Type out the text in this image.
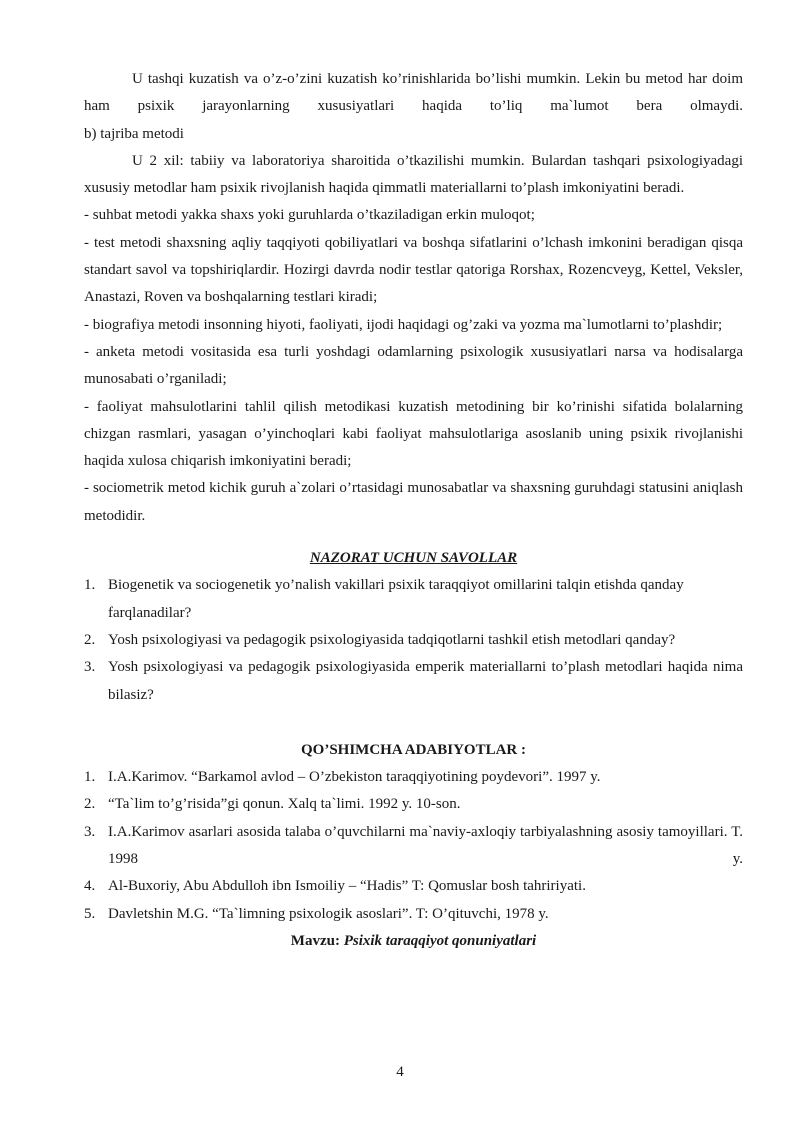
U tashqi kuzatish va o’z-o’zini kuzatish ko’rinishlarida bo’lishi mumkin. Lekin bu metod har doim ham psixik jarayonlarning xususiyatlari haqida to’liq ma`lumot bera olmaydi.

b) tajriba metodi

U 2 xil: tabiiy va laboratoriya sharoitida o’tkazilishi mumkin. Bulardan tashqari psixologiyadagi xususiy metodlar ham psixik rivojlanish haqida qimmatli materiallarni to’plash imkoniyatini beradi.

- suhbat metodi yakka shaxs yoki guruhlarda o’tkaziladigan erkin muloqot;

- test metodi shaxsning aqliy taqqiyoti qobiliyatlari va boshqa sifatlarini o’lchash imkonini beradigan qisqa standart savol va topshiriqlardir. Hozirgi davrda nodir testlar qatoriga Rorshax, Rozencveyg, Kettel, Veksler, Anastazi, Roven va boshqalarning testlari kiradi;

- biografiya metodi insonning hiyoti, faoliyati, ijodi haqidagi og’zaki va yozma ma`lumotlarni to’plashdir;

- anketa metodi vositasida esa turli yoshdagi odamlarning psixologik xususiyatlari narsa va hodisalarga munosabati o’rganiladi;

- faoliyat mahsulotlarini tahlil qilish metodikasi kuzatish metodining bir ko’rinishi sifatida bolalarning chizgan rasmlari, yasagan o’yinchoqlari kabi faoliyat mahsulotlariga asoslanib uning psixik rivojlanishi haqida xulosa chiqarish imkoniyatini beradi;

- sociometrik metod kichik guruh a`zolari o’rtasidagi munosabatlar va shaxsning guruhdagi statusini aniqlash metodidir.

NAZORAT UCHUN SAVOLLAR

1. Biogenetik va sociogenetik yo’nalish vakillari psixik taraqqiyot omillarini talqin etishda qanday farqlanadilar?
2. Yosh psixologiyasi va pedagogik psixologiyasida tadqiqotlarni tashkil etish metodlari qanday?
3. Yosh psixologiyasi va pedagogik psixologiyasida emperik materiallarni to’plash metodlari haqida nima bilasiz?

QO’SHIMCHA ADABIYOTLAR :

1. I.A.Karimov. “Barkamol avlod – O’zbekiston taraqqiyotining poydevori”. 1997 y.
2. “Ta`lim to’g’risida”gi qonun. Xalq ta`limi. 1992 y. 10-son.
3. I.A.Karimov asarlari asosida talaba o’quvchilarni ma`naviy-axloqiy tarbiyalashning asosiy tamoyillari. T. 1998 y.
4. Al-Buxoriy, Abu Abdulloh ibn Ismoiliy – “Hadis” T: Qomuslar bosh tahririyati.
5. Davletshin M.G. “Ta`limning psixologik asoslari”. T: O’qituvchi, 1978 y.

Mavzu: Psixik taraqqiyot qonuniyatlari

4
